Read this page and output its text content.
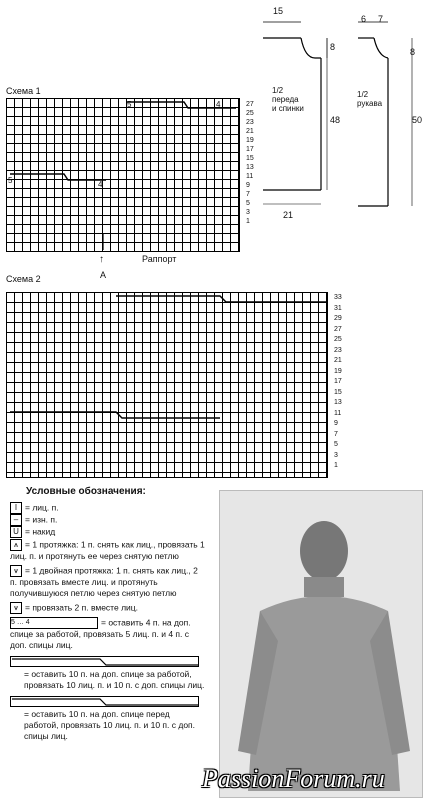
15
8
1/2
переда
и спинки
48
21
6 7
8
1/2
рукава
50
Схема 1
5	4
5	4
27
25
23
21
19
17
15
13
11
9
7
5
3
1
↑
A
Раппорт
Схема 2
33
31
29
27
25
23
21
19
17
15
13
11
9
7
5
3
1
Условные обозначения:
I = лиц. п.
– = изн. п.
U = накид
⩚ = 1 протяжка: 1 п. снять как лиц., провязать 1 лиц. п. и протянуть ее через снятую петлю
⩛ = 1 двойная протяжка: 1 п. снять как лиц., 2 п. провязать вместе лиц. и протянуть получившуюся петлю через снятую петлю
⩛ = провязать 2 п. вместе лиц.
5 … 4	= оставить 4 п. на доп. спице за работой, провязать 5 лиц. п. и 4 п. с доп. спицы лиц.
= оставить 10 п. на доп. спице за работой, провязать 10 лиц. п. и 10 п. с доп. спицы лиц.
= оставить 10 п. на доп. спице перед работой, провязать 10 лиц. п. и 10 п. с доп. спицы лиц.
PassionForum.ru
